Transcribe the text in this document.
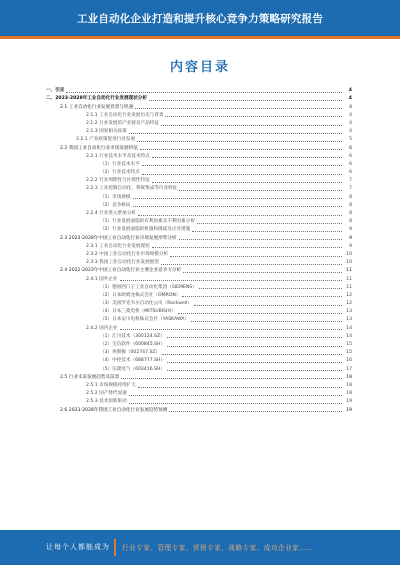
工业自动化企业打造和提升核心竞争力策略研究报告
内容目录
一、引言	4
二、2023-2028年工业自动化行业发展现状分析	4
2.1 工业自动化行业发展背景与机遇	4
2.1.1 工业自动化行业发展历史与背景	4
2.1.2 行业发展的产业链及产品特征	4
2.1.3 国家相关政策	4
2.2.1 产业政策促进行业发展	5
2.2 我国工业自动化行业市场发展特征	6
2.2.1 行业技术水平及技术特点	6
（1）行业技术水平	6
（2）行业技术特点	6
2.2.2 行业周期性与区域性特征	7
2.2.3 工业控制自动化、系统集成等行业特征	7
（1）市场规模	8
（2）竞争格局	8
2.2.4 行业进入壁垒分析	8
（1）行业发展面临的有利因素及不利因素分析	8
（2）行业发展面临的机遇和挑战及应对措施	9
2.3 2023-2028年中国工业自动化行业市场发展形势分析	9
2.3.1 工业自动化行业发展现状	9
2.3.2 中国工业自动化行业市场规模分析	10
2.3.3 我国工业自动化行业发展展望	10
2.4 2022-2023年中国工业自动化行业主要企业竞争力分析	11
2.4.1 国外企业	11
（1）德国西门子工业自动化集团（SIEMENS）	11
（2）日本欧姆龙株式会社（OMRON）	12
（3）美国罗克韦尔自动化公司（Rockwell）	12
（4）日本三菱电机（MITSUBISHI）	13
（5）日本安川电机株式会社（YASKAWA）	13
2.4.2 国内企业	14
（1）汇川技术（300124.SZ）	14
（2）宝信软件（600845.SH）	15
（3）埃斯顿（002747.SZ）	15
（4）中控技术（688777.SH）	16
（5）信捷电气（603416.SH）	17
2.5 行业未来发展趋势及前景	18
2.5.1 市场规模持续扩大	18
2.5.2 国产替代加速	18
2.5.3 技术创新驱动	19
2.6 2023-2028年我国工业自动化行业发展趋势预测	19
让每个人都能成为 行业专家、管理专家、营销专家、战略专家、成功企业家……
